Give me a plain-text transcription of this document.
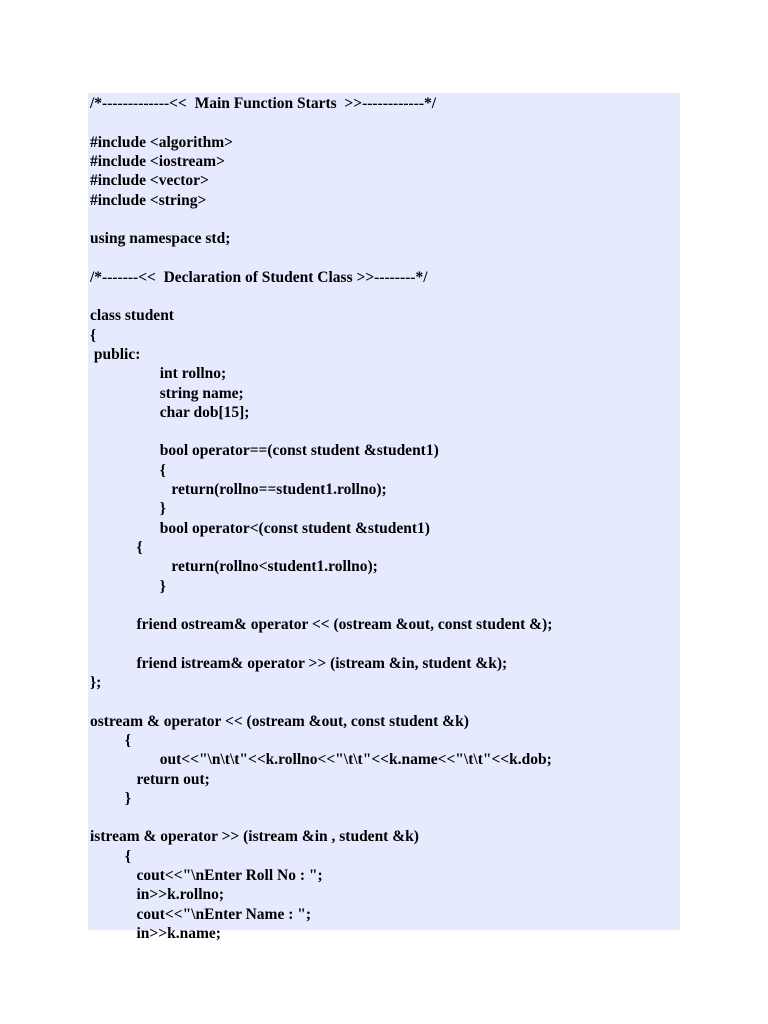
/*-------------<<  Main Function Starts  >>------------*/
#include <algorithm>
#include <iostream>
#include <vector>
#include <string>
using namespace std;
/*-------<<  Declaration of Student Class >>--------*/
class student
{
public:
int rollno;
string name;
char dob[15];
bool operator==(const student &student1)
{
return(rollno==student1.rollno);
}
bool operator<(const student &student1)
{
return(rollno<student1.rollno);
}
friend ostream& operator << (ostream &out, const student &);
friend istream& operator >> (istream &in, student &k);
};
ostream & operator << (ostream &out, const student &k)
{
out<<"\n\t\t"<<k.rollno<<"\t\t"<<k.name<<"\t\t"<<k.dob;
return out;
}
istream & operator >> (istream &in , student &k)
{
cout<<"\nEnter Roll No : ";
in>>k.rollno;
cout<<"\nEnter Name : ";
in>>k.name;
